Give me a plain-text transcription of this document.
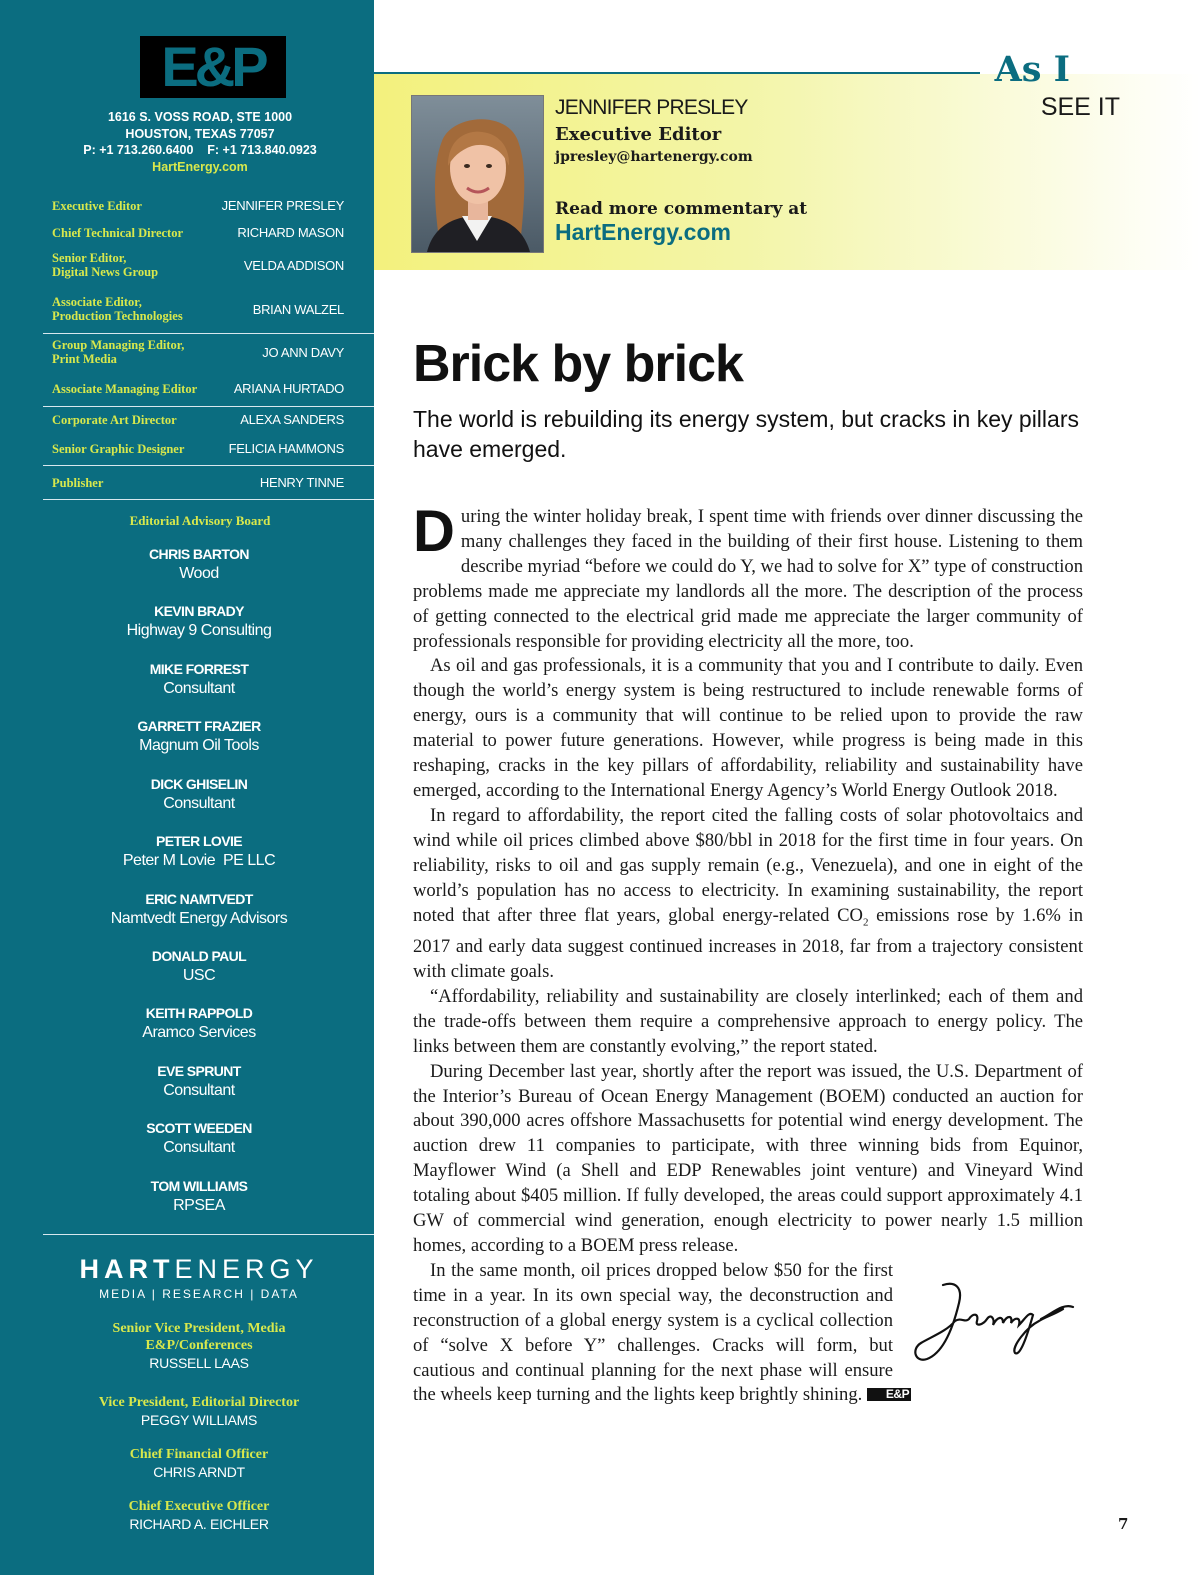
E&P
1616 S. VOSS ROAD, STE 1000
HOUSTON, TEXAS 77057
P: +1 713.260.6400    F: +1 713.840.0923
HartEnergy.com
Executive Editor	JENNIFER PRESLEY
Chief Technical Director	RICHARD MASON
Senior Editor,
Digital News Group	VELDA ADDISON
Associate Editor,
Production Technologies	BRIAN WALZEL
Group Managing Editor,
Print Media	JO ANN DAVY
Associate Managing Editor	ARIANA HURTADO
Corporate Art Director	ALEXA SANDERS
Senior Graphic Designer	FELICIA HAMMONS
Publisher	HENRY TINNE
Editorial Advisory Board
CHRIS BARTON
Wood
KEVIN BRADY
Highway 9 Consulting
MIKE FORREST
Consultant
GARRETT FRAZIER
Magnum Oil Tools
DICK GHISELIN
Consultant
PETER LOVIE
Peter M Lovie  PE LLC
ERIC NAMTVEDT
Namtvedt Energy Advisors
DONALD PAUL
USC
KEITH RAPPOLD
Aramco Services
EVE SPRUNT
Consultant
SCOTT WEEDEN
Consultant
TOM WILLIAMS
RPSEA
HARTENERGY
MEDIA | RESEARCH | DATA
Senior Vice President, Media
E&P/Conferences
RUSSELL LAAS
Vice President, Editorial Director
PEGGY WILLIAMS
Chief Financial Officer
CHRIS ARNDT
Chief Executive Officer
RICHARD A. EICHLER
As I
SEE IT
JENNIFER PRESLEY
Executive Editor
jpresley@hartenergy.com
Read more commentary at
HartEnergy.com
Brick by brick
The world is rebuilding its energy system, but cracks in key pillars have emerged.

During the winter holiday break, I spent time with friends over dinner discussing the many challenges they faced in the building of their first house. Listening to them describe myriad “before we could do Y, we had to solve for X” type of construction problems made me appreciate my landlords all the more. The description of the process of getting connected to the electrical grid made me appreciate the larger community of professionals responsible for providing electricity all the more, too.

As oil and gas professionals, it is a community that you and I contribute to daily. Even though the world’s energy system is being restructured to include renewable forms of energy, ours is a community that will continue to be relied upon to provide the raw material to power future generations. However, while progress is being made in this reshaping, cracks in the key pillars of affordability, reliability and sustainability have emerged, according to the International Energy Agency’s World Energy Outlook 2018.

In regard to affordability, the report cited the falling costs of solar photovoltaics and wind while oil prices climbed above $80/bbl in 2018 for the first time in four years. On reliability, risks to oil and gas supply remain (e.g., Venezuela), and one in eight of the world’s population has no access to electricity. In examining sustainability, the report noted that after three flat years, global energy-related $CO_2$ emissions rose by 1.6% in 2017 and early data suggest continued increases in 2018, far from a trajectory consistent with climate goals.

“Affordability, reliability and sustainability are closely interlinked; each of them and the trade-offs between them require a comprehensive approach to energy policy. The links between them are constantly evolving,” the report stated.

During December last year, shortly after the report was issued, the U.S. Department of the Interior’s Bureau of Ocean Energy Management (BOEM) conducted an auction for about 390,000 acres offshore Massachusetts for potential wind energy development. The auction drew 11 companies to participate, with three winning bids from Equinor, Mayflower Wind (a Shell and EDP Renewables joint venture) and Vineyard Wind totaling about $405 million. If fully developed, the areas could support approximately 4.1 GW of commercial wind generation, enough electricity to power nearly 1.5 million homes, according to a BOEM press release.

Jennifer
In the same month, oil prices dropped below $50 for the first time in a year. In its own special way, the deconstruction and reconstruction of a global energy system is a cyclical collection of “solve X before Y” challenges. Cracks will form, but cautious and continual planning for the next phase will ensure the wheels keep turning and the lights keep brightly shining. E&P

7
